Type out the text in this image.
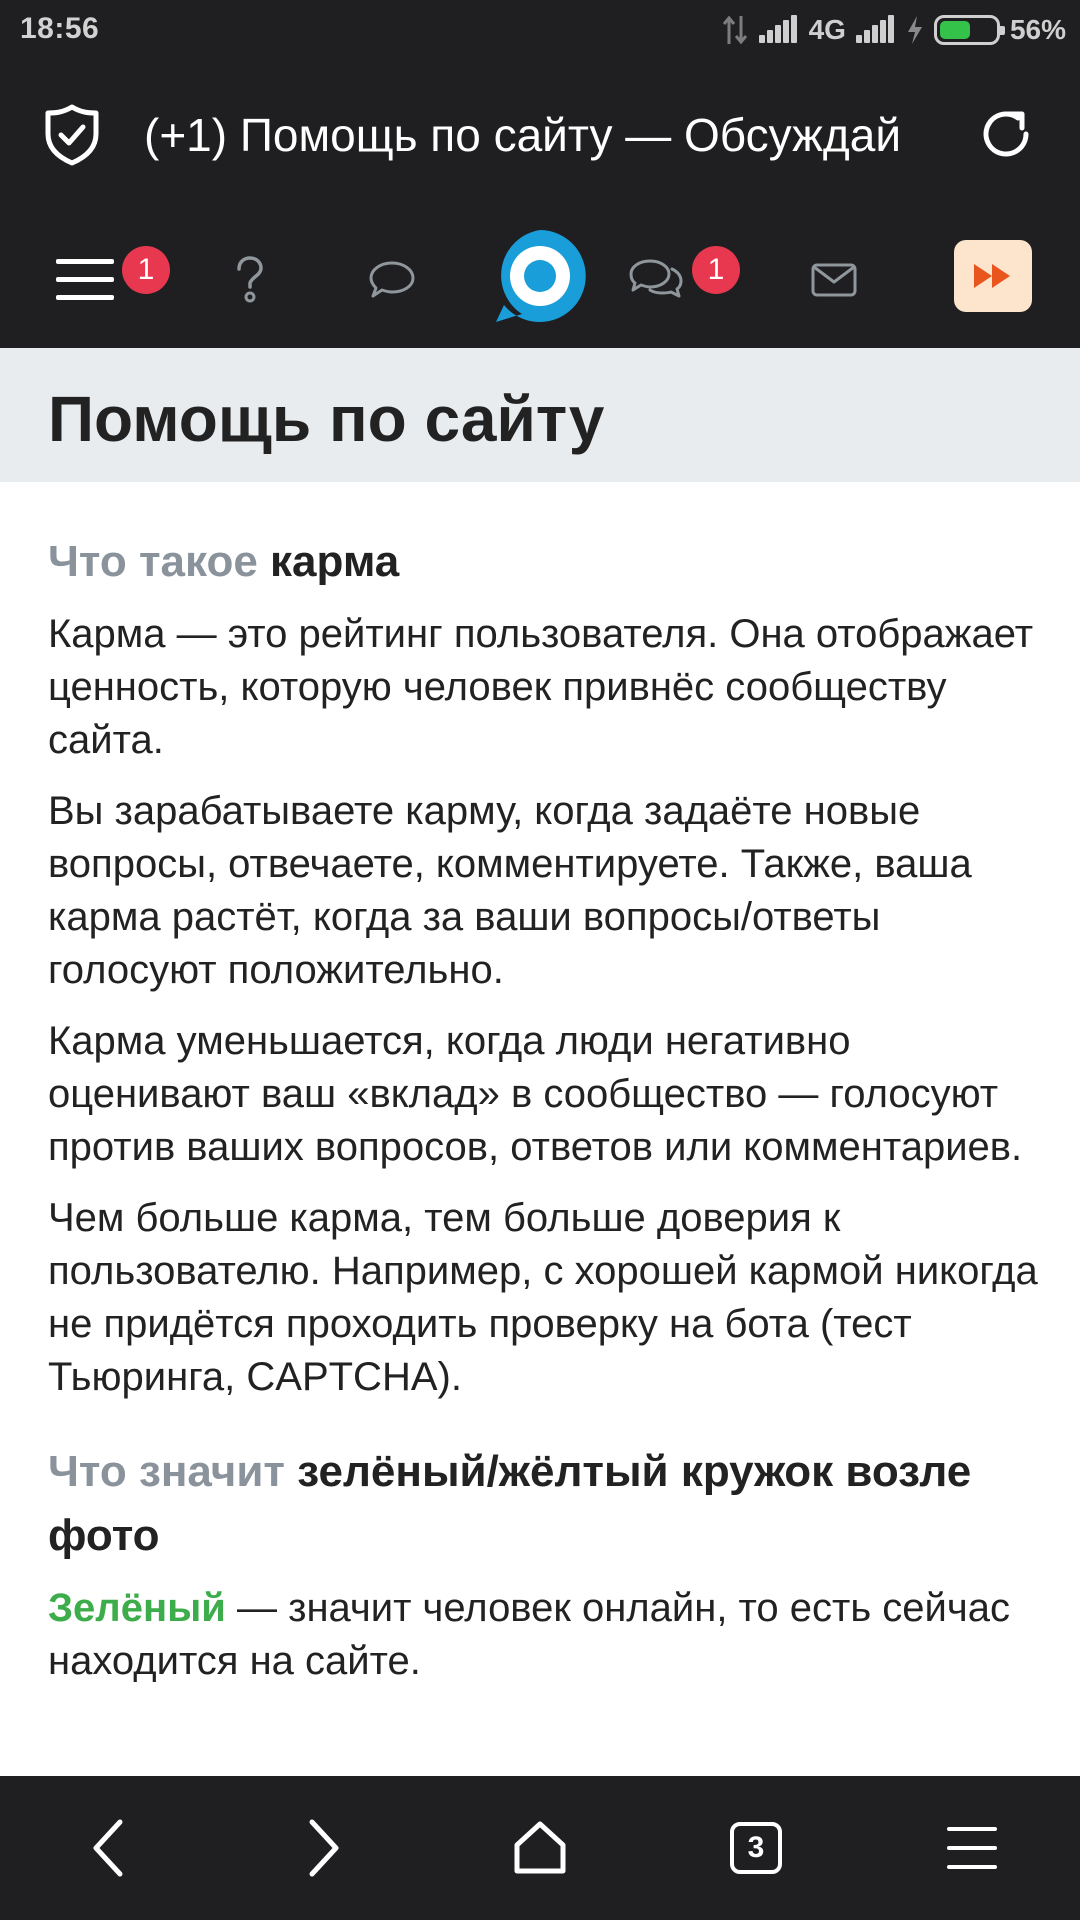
18:56	4G	56%
(+1) Помощь по сайту — Обсуждай
1	1
Помощь по сайту
Что такое карма

Карма — это рейтинг пользователя. Она отображает ценность, которую человек привнёс сообществу сайта.

Вы зарабатываете карму, когда задаёте новые вопросы, отвечаете, комментируете. Также, ваша карма растёт, когда за ваши вопросы/ответы голосуют положительно.

Карма уменьшается, когда люди негативно оценивают ваш «вклад» в сообщество — голосуют против ваших вопросов, ответов или комментариев.

Чем больше карма, тем больше доверия к пользователю. Например, с хорошей кармой никогда не придётся проходить проверку на бота (тест Тьюринга, CAPTCHA).

Что значит зелёный/жёлтый кружок возле фото

Зелёный — значит человек онлайн, то есть сейчас находится на сайте.

3
